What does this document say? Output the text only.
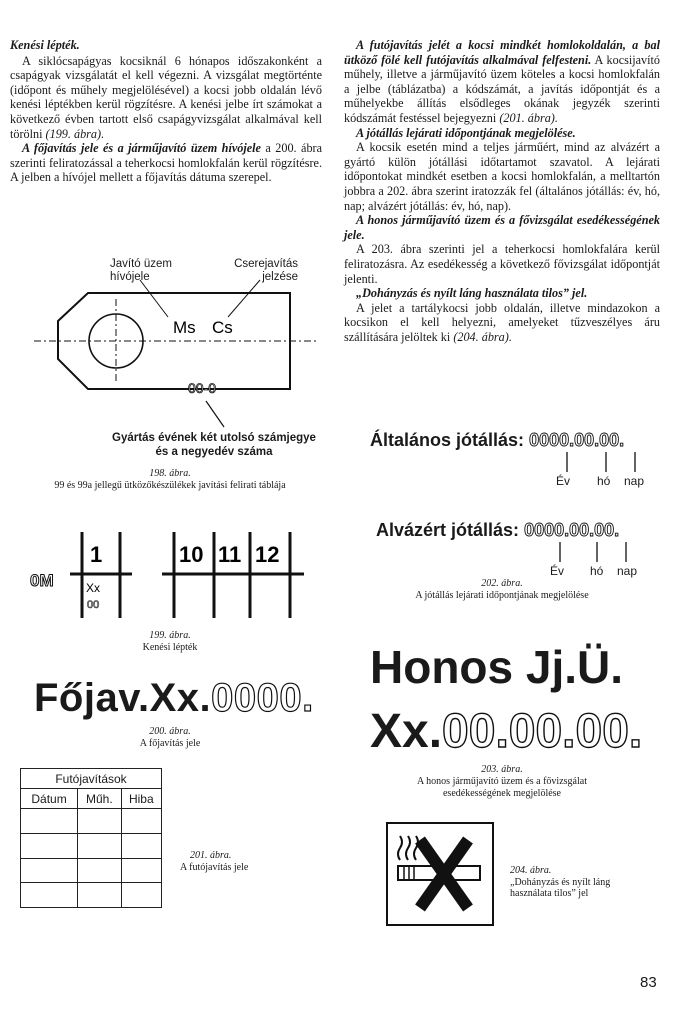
Kenési lépték.

A siklócsapágyas kocsiknál 6 hónapos időszakonként a csapágyak vizsgálatát el kell végezni. A vizsgálat megtörténte (időpont és műhely megjelölésével) a kocsi jobb oldalán lévő kenési léptékben kerül rögzítésre. A kenési jelbe írt számokat a következő évben tartott első csapágyvizsgálat alkalmával kell törölni (199. ábra).

A főjavítás jele és a járműjavító üzem hívójele a 200. ábra szerinti feliratozással a teherkocsi homlokfalán kerül rögzítésre. A jelben a hívójel mellett a főjavítás dátuma szerepel.

Ms Cs
00-0
Javító üzem hívójele
Cserejavítás jelzése
Gyártás évének két utolsó számjegye és a negyedév száma
198. ábra.
99 és 99a jellegű ütközőkészülékek javítási felirati táblája
0M
1
Xx
00
10 11 12
199. ábra.
Kenési lépték
Főjav.Xx.0000.
200. ábra.
A főjavítás jele
Futójavítások		
Dátum	Műh.	Hiba

201. ábra.
A futójavítás jele

A futójavítás jelét a kocsi mindkét homlokoldalán, a bal ütköző fölé kell futójavítás alkalmával felfesteni. A kocsijavító műhely, illetve a járműjavító üzem köteles a kocsi homlokfalán a jelbe (táblázatba) a kódszámát, a javítás időpontját és a műhelyekbe állítás elsődleges okának jegyzék szerinti kódszámát festéssel bejegyezni (201. ábra).

A jótállás lejárati időpontjának megjelölése.

A kocsik esetén mind a teljes járműért, mind az alvázért a gyártó külön jótállási időtartamot szavatol. A lejárati időpontokat mindkét esetben a kocsi homlokfalán, a melltartón jobbra a 202. ábra szerint iratozzák fel (általános jótállás: év, hó, nap; alvázért jótállás: év, hó, nap).

A honos járműjavító üzem és a fővizsgálat esedékességének jele.

A 203. ábra szerinti jel a teherkocsi homlokfalára kerül feliratozásra. Az esedékesség a következő fővizsgálat időpontját jelenti.

„Dohányzás és nyílt láng használata tilos” jel.

A jelet a tartálykocsi jobb oldalán, illetve mindazokon a kocsikon el kell helyezni, amelyeket tűzveszélyes áru szállítására jelöltek ki (204. ábra).

Általános jótállás: 0000.00.00.
Év hó nap
Alvázért jótállás: 0000.00.00.
Év hó nap
202. ábra.
A jótállás lejárati időpontjának megjelölése
Honos Jj.Ü.
Xx.00.00.00.
203. ábra.
A honos járműjavító üzem és a fővizsgálat esedékességének megjelölése
204. ábra.
„Dohányzás és nyílt láng használata tilos” jel
83
